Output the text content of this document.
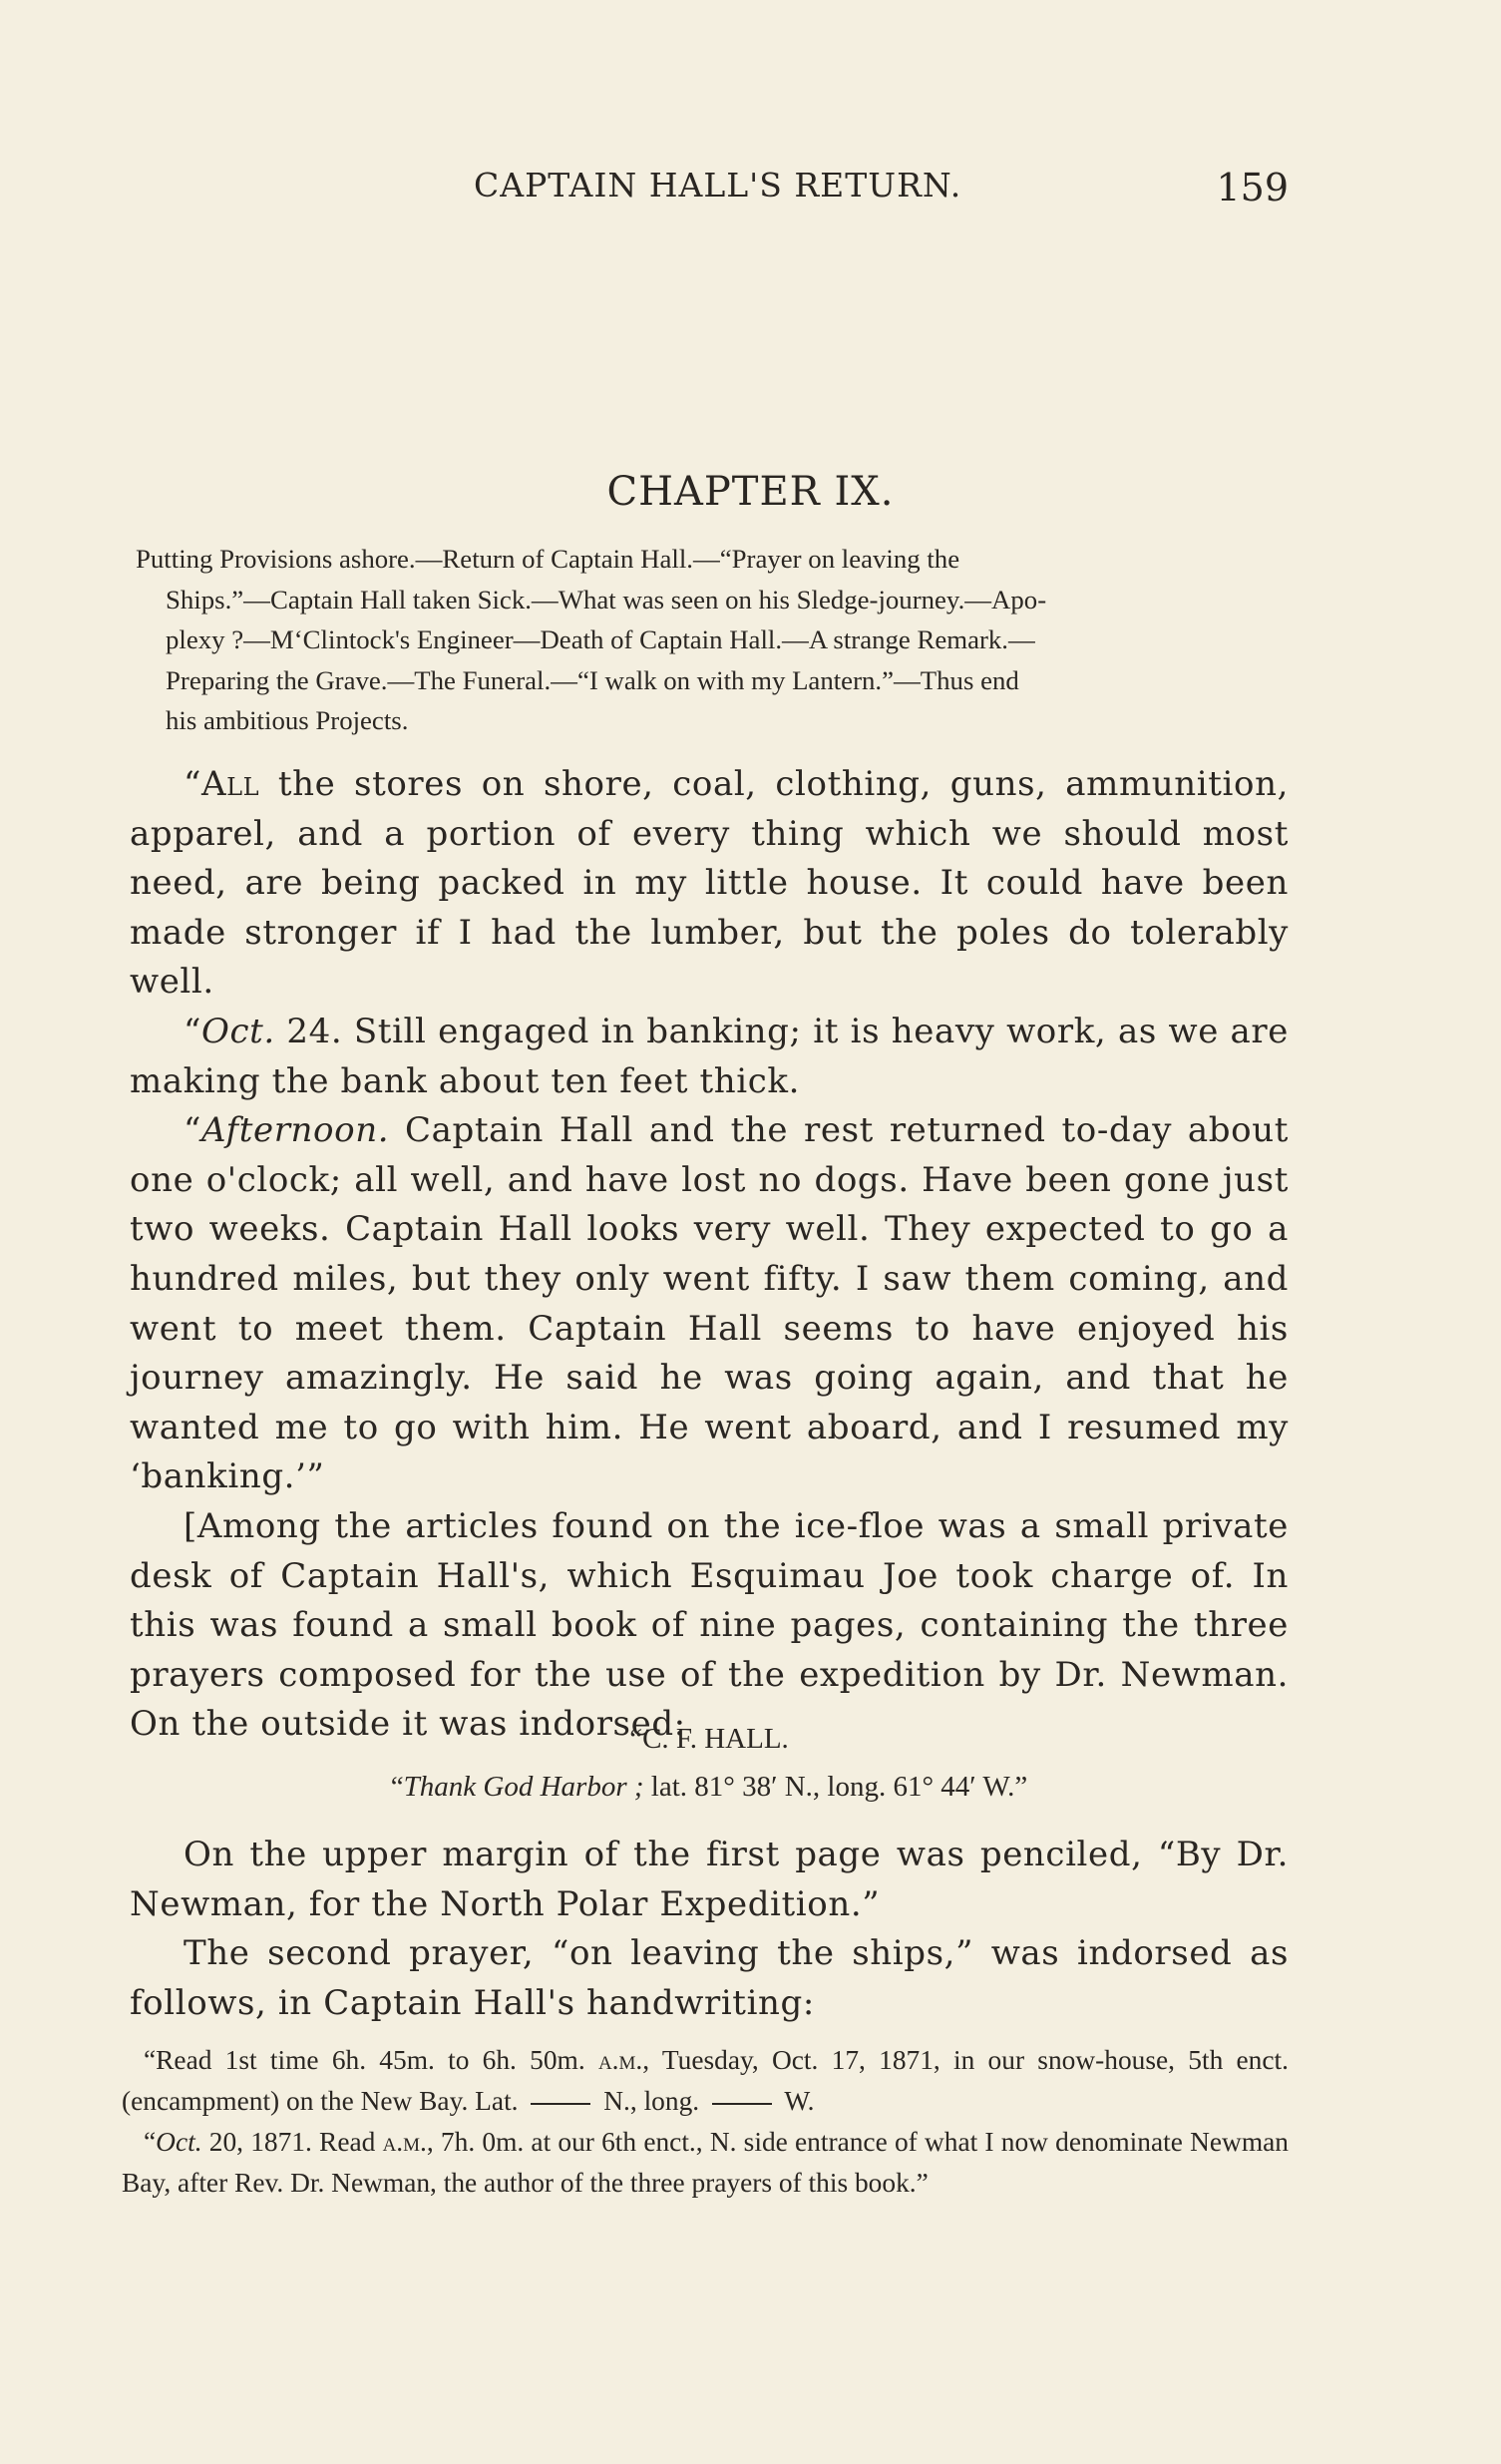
CAPTAIN HALL'S RETURN.	159
CHAPTER IX.
Putting Provisions ashore.—Return of Captain Hall.—“Prayer on leaving the
Ships.”—Captain Hall taken Sick.—What was seen on his Sledge-journey.—Apo-
plexy ?—M‘Clintock's Engineer—Death of Captain Hall.—A strange Remark.—
Preparing the Grave.—The Funeral.—“I walk on with my Lantern.”—Thus end
his ambitious Projects.

“All the stores on shore, coal, clothing, guns, ammunition, apparel, and a portion of every thing which we should most need, are being packed in my little house. It could have been made stronger if I had the lumber, but the poles do tolerably well.

“Oct. 24. Still engaged in banking; it is heavy work, as we are making the bank about ten feet thick.

“Afternoon. Captain Hall and the rest returned to-day about one o'clock; all well, and have lost no dogs. Have been gone just two weeks. Captain Hall looks very well. They expected to go a hundred miles, but they only went fifty. I saw them coming, and went to meet them. Captain Hall seems to have enjoyed his journey amazingly. He said he was going again, and that he wanted me to go with him. He went aboard, and I resumed my ‘banking.’”

[Among the articles found on the ice-floe was a small private desk of Captain Hall's, which Esquimau Joe took charge of. In this was found a small book of nine pages, containing the three prayers composed for the use of the expedition by Dr. Newman. On the outside it was indorsed:

“C. F. HALL.
“Thank God Harbor ; lat. 81° 38′ N., long. 61° 44′ W.”

On the upper margin of the first page was penciled, “By Dr. Newman, for the North Polar Expedition.”

The second prayer, “on leaving the ships,” was indorsed as follows, in Captain Hall's handwriting:

“Read 1st time 6h. 45m. to 6h. 50m. a.m., Tuesday, Oct. 17, 1871, in our snow-house, 5th enct. (encampment) on the New Bay. Lat.	N., long.	W.

“Oct. 20, 1871. Read a.m., 7h. 0m. at our 6th enct., N. side entrance of what I now denominate Newman Bay, after Rev. Dr. Newman, the author of the three prayers of this book.”
